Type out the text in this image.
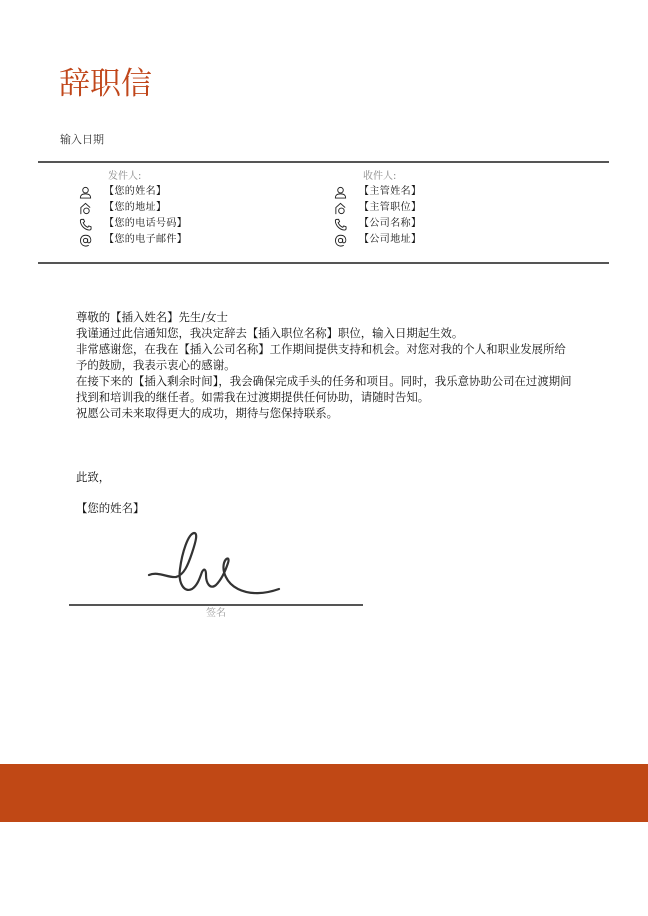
辞职信
输入日期
发件人:
【您的姓名】
【您的地址】
【您的电话号码】
【您的电子邮件】
收件人:
【主管姓名】
【主管职位】
【公司名称】
【公司地址】

尊敬的【插入姓名】先生/女士

我谨通过此信通知您，我决定辞去【插入职位名称】职位，输入日期起生效。

非常感谢您，在我在【插入公司名称】工作期间提供支持和机会。对您对我的个人和职业发展所给予的鼓励，我表示衷心的感谢。

在接下来的【插入剩余时间】，我会确保完成手头的任务和项目。同时，我乐意协助公司在过渡期间找到和培训我的继任者。如需我在过渡期提供任何协助，请随时告知。

祝愿公司未来取得更大的成功，期待与您保持联系。

此致，
【您的姓名】
签名
